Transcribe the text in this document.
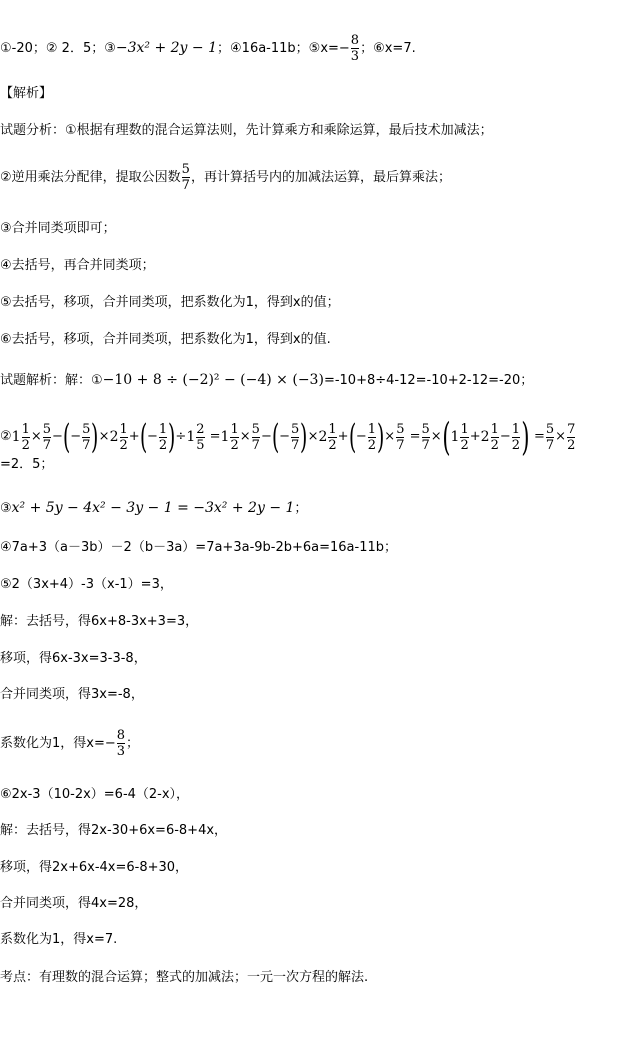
①-20；② 2．5；③−3x² + 2y − 1；④16a-11b；⑤x=− $\frac{8}{3}$ ；⑥x=7.
【解析】
试题分析：①根据有理数的混合运算法则，先计算乘方和乘除运算，最后技术加减法；
②逆用乘法分配律，提取公因数 $\frac{5}{7}$ ，再计算括号内的加减法运算，最后算乘法；
③合并同类项即可；
④去括号，再合并同类项；
⑤去括号，移项，合并同类项，把系数化为1，得到x的值；
⑥去括号，移项，合并同类项，把系数化为1，得到x的值.
试题解析：解：①−10 + 8 ÷ (−2)² − (−4) × (−3)=-10+8÷4-12=-10+2-12=-20；
② $1 \frac{1}{2} \times \frac{5}{7}$ − ( − $\frac{5}{7}$ ) × $2 \frac{1}{2}$ + ( − $\frac{1}{2}$ ) ÷ $1 \frac{2}{5} = 1 \frac{1}{2} \times \frac{5}{7}$ − ( − $\frac{5}{7}$ ) × $2 \frac{1}{2}$ + ( − $\frac{1}{2}$ ) × $\frac{5}{7} = \frac{5}{7}$ × ( $1 \frac{1}{2} + 2 \frac{1}{2} - \frac{1}{2}$ ) = $\frac{5}{7} \times \frac{7}{2}$
=2．5；
③x² + 5y − 4x² − 3y − 1 = −3x² + 2y − 1；
④7a+3（a－3b）－2（b－3a）=7a+3a-9b-2b+6a=16a-11b；
⑤2（3x+4）-3（x-1）=3，
解：去括号，得6x+8-3x+3=3，
移项，得6x-3x=3-3-8，
合并同类项，得3x=-8，
系数化为1，得$x=- \frac{8}{3}$ ；
⑥2x-3（10-2x）=6-4（2-x），
解：去括号，得2x-30+6x=6-8+4x，
移项，得2x+6x-4x=6-8+30，
合并同类项，得4x=28，
系数化为1，得x=7.
考点：有理数的混合运算；整式的加减法；一元一次方程的解法.
